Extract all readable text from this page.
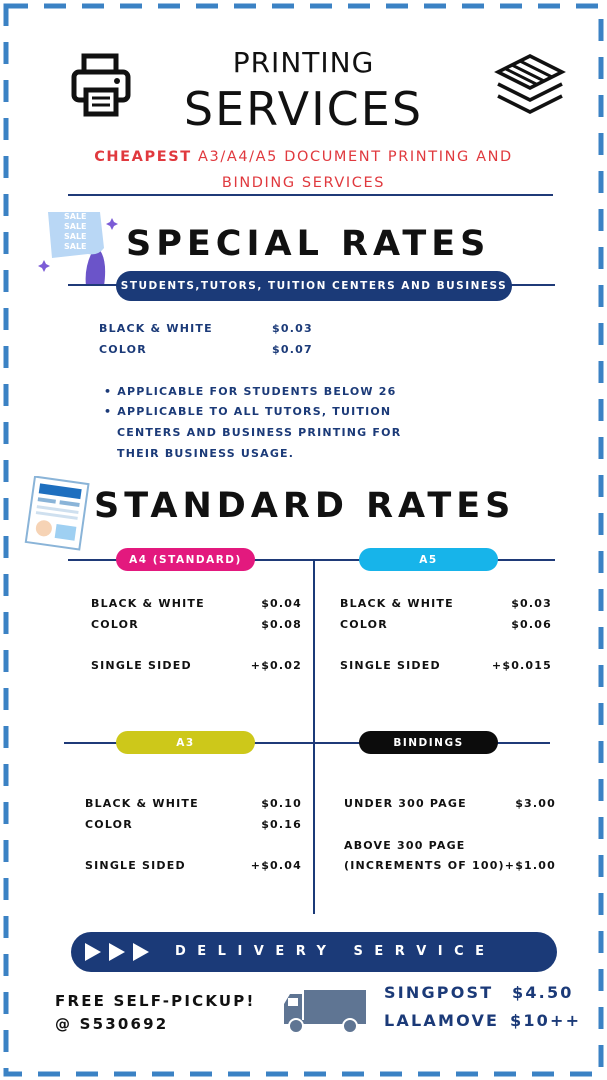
PRINTING
SERVICES
CHEAPEST A3/A4/A5 DOCUMENT PRINTING AND
BINDING SERVICES
SALE
SALE
SALE
SALE SPECIAL RATES
STUDENTS,TUTORS, TUITION CENTERS AND BUSINESS
BLACK & WHITE	$0.03
COLOR	$0.07
• APPLICABLE FOR STUDENTS BELOW 26
• APPLICABLE TO ALL TUTORS, TUITION
CENTERS AND BUSINESS PRINTING FOR
THEIR BUSINESS USAGE.
STANDARD RATES
A4 (STANDARD)
BLACK & WHITE	$0.04
COLOR	$0.08
SINGLE SIDED	+$0.02
A5
BLACK & WHITE	$0.03
COLOR	$0.06
SINGLE SIDED	+$0.015
A3
BLACK & WHITE	$0.10
COLOR	$0.16
SINGLE SIDED	+$0.04
BINDINGS
UNDER 300 PAGE	$3.00
ABOVE 300 PAGE
(INCREMENTS OF 100) +$1.00
DELIVERY SERVICE
FREE SELF-PICKUP!
@ S530692
SINGPOST $4.50
LALAMOVE $10++
